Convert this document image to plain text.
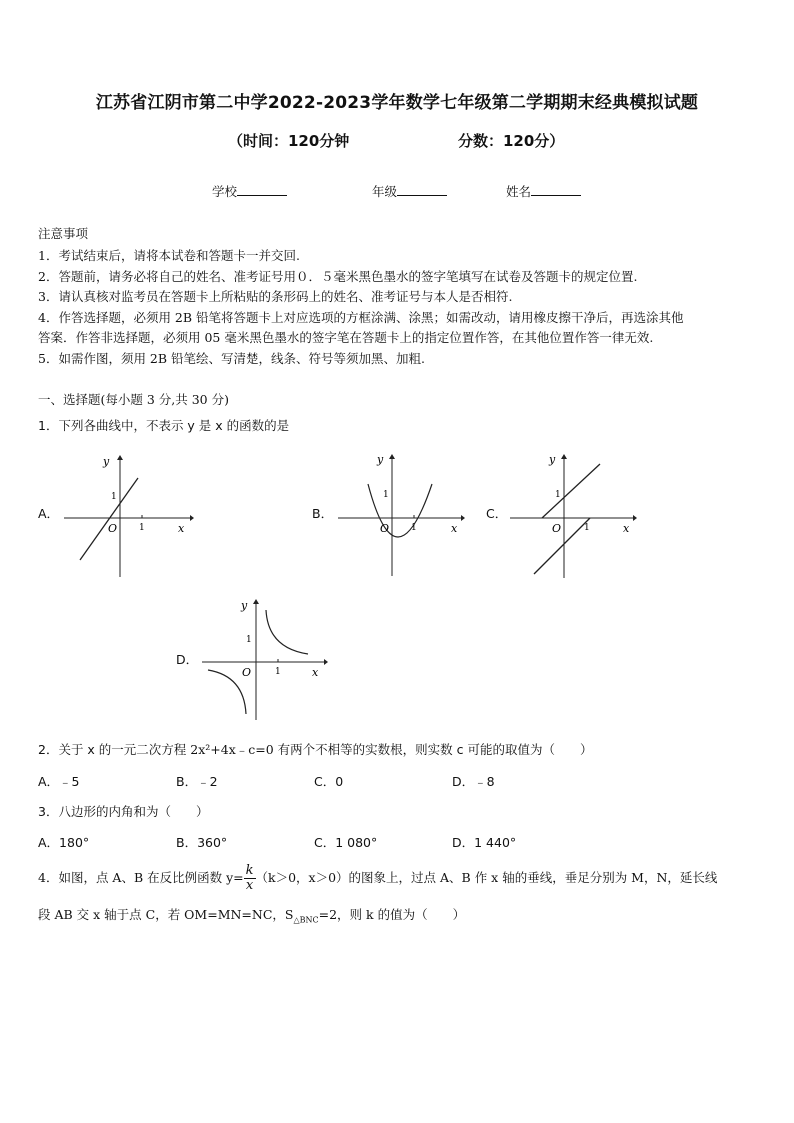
江苏省江阴市第二中学2022-2023学年数学七年级第二学期期末经典模拟试题
（时间：120分钟	分数：120分）
学校	年级	姓名
注意事项
1．考试结束后，请将本试卷和答题卡一并交回.
2．答题前，请务必将自己的姓名、准考证号用０．５毫米黑色墨水的签字笔填写在试卷及答题卡的规定位置.
3．请认真核对监考员在答题卡上所粘贴的条形码上的姓名、准考证号与本人是否相符.
4．作答选择题，必须用 2B 铅笔将答题卡上对应选项的方框涂满、涂黑；如需改动，请用橡皮擦干净后，再选涂其他
答案．作答非选择题，必须用 05 毫米黑色墨水的签字笔在答题卡上的指定位置作答，在其他位置作答一律无效.
5．如需作图，须用 2B 铅笔绘、写清楚，线条、符号等须加黑、加粗.
一、选择题(每小题 3 分,共 30 分)
1．下列各曲线中，不表示 y 是 x 的函数的是
A．
y
x
O
1
1
B．
y
x
O
1
1
C．
y
x
O
1
1
D．
y
x
O
1
1
2．关于 x 的一元二次方程 2x²+4x﹣c=0 有两个不相等的实数根，则实数 c 可能的取值为（　　）
A．﹣5	B．﹣2	C．0	D．﹣8
3．八边形的内角和为（　　）
A．180°	B．360°	C．1 080°	D．1 440°
4．如图，点 A、B 在反比例函数 $y= \frac{k}{x} (k>0$，x＞0）的图象上，过点 A、B 作 x 轴的垂线，垂足分别为 M，N，延长线
段 AB 交 x 轴于点 C，若 OM=MN=NC，$S_{\triangle BNC}=2$，则 k 的值为（　　）
